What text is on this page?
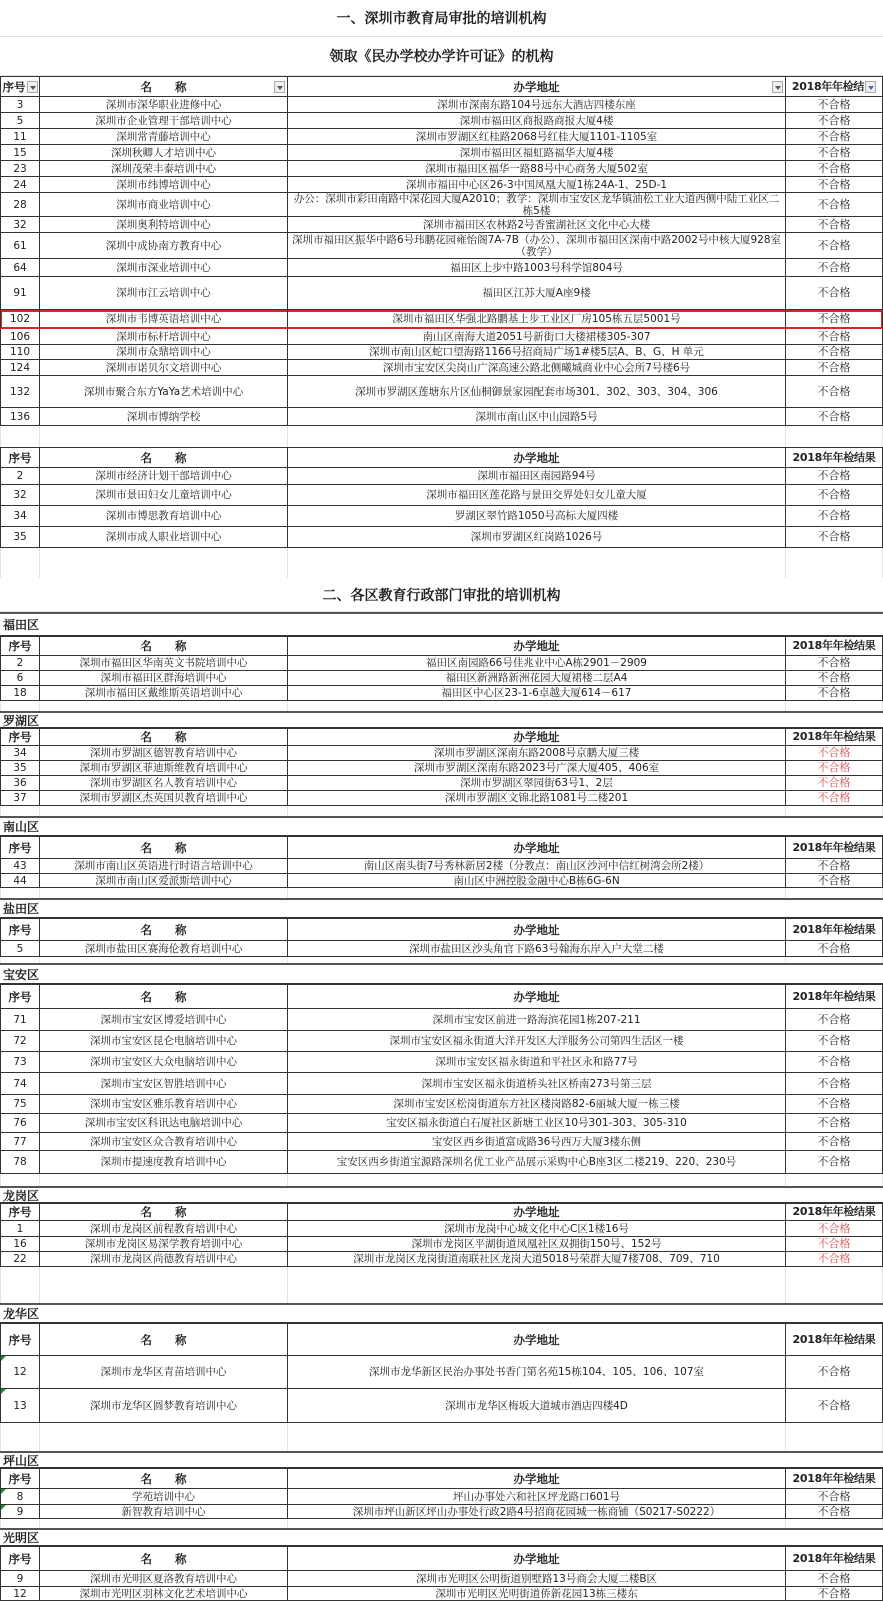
一、深圳市教育局审批的培训机构
领取《民办学校办学许可证》的机构
序号	名　　称	办学地址	2018年年检结
3	深圳市深华职业进修中心	深圳市深南东路104号远东大酒店四楼东座	不合格
5	深圳市企业管理干部培训中心	深圳市福田区商报路商报大厦4楼	不合格
11	深圳常青藤培训中心	深圳市罗湖区红桂路2068号红桂大厦1101-1105室	不合格
15	深圳秋卿人才培训中心	深圳市福田区福虹路福华大厦4楼	不合格
23	深圳茂荣丰泰培训中心	深圳市福田区福华一路88号中心商务大厦502室	不合格
24	深圳市纬博培训中心	深圳市福田中心区26-3中国凤凰大厦1栋24A-1、25D-1	不合格
28	深圳市商业培训中心	办公：深圳市彩田南路中深花园大厦A2010；教学：深圳市宝安区龙华镇油松工业大道西侧中陆工业区二栋5楼	不合格
32	深圳奥利特培训中心	深圳市福田区农林路2号香蜜湖社区文化中心大楼	不合格
61	深圳中成协南方教育中心	深圳市福田区振华中路6号玮鹏花园雍怡阁7A-7B（办公）、深圳市福田区深南中路2002号中核大厦928室（教学）	不合格
64	深圳市深业培训中心	福田区上步中路1003号科学馆804号	不合格
91	深圳市江云培训中心	福田区江苏大厦A座9楼	不合格
102	深圳市韦博英语培训中心	深圳市福田区华强北路鹏基上步工业区厂房105栋五层5001号	不合格
106	深圳市标杆培训中心	南山区南海大道2051号新街口大楼裙楼305-307	不合格
110	深圳市众鼎培训中心	深圳市南山区蛇口望海路1166号招商局广场1#楼5层A、B、G、H 单元	不合格
124	深圳市诺贝尔文培训中心	深圳市宝安区尖岗山广深高速公路北侧曦城商业中心会所7号楼6号	不合格
132	深圳市聚合东方YaYa艺术培训中心	深圳市罗湖区莲塘东片区仙桐御景家园配套市场301、302、303、304、306	不合格
136	深圳市博纳学校	深圳市南山区中山园路5号	不合格
序号	名　　称	办学地址	2018年年检结果
2	深圳市经济计划干部培训中心	深圳市福田区南园路94号	不合格
32	深圳市景田妇女儿童培训中心	深圳市福田区莲花路与景田交界处妇女儿童大厦	不合格
34	深圳市博思教育培训中心	罗湖区翠竹路1050号高标大厦四楼	不合格
35	深圳市成人职业培训中心	深圳市罗湖区红岗路1026号	不合格
二、各区教育行政部门审批的培训机构
福田区
序号	名　　称	办学地址	2018年年检结果
2	深圳市福田区华南英文书院培训中心	福田区南园路66号佳兆业中心A栋2901－2909	不合格
6	深圳市福田区群海培训中心	福田区新洲路新洲花园大厦裙楼二层A4	不合格
18	深圳市福田区戴维斯英语培训中心	福田区中心区23-1-6卓越大厦614－617	不合格
罗湖区
序号	名　　称	办学地址	2018年年检结果
34	深圳市罗湖区德智教育培训中心	深圳市罗湖区深南东路2008号京鹏大厦三楼	不合格
35	深圳市罗湖区菲迪斯维教育培训中心	深圳市罗湖区深南东路2023号广深大厦405、406室	不合格
36	深圳市罗湖区名人教育培训中心	深圳市罗湖区翠园街63号1、2层	不合格
37	深圳市罗湖区杰英国贝教育培训中心	深圳市罗湖区文锦北路1081号二楼201	不合格
南山区
序号	名　　称	办学地址	2018年年检结果
43	深圳市南山区英语进行时语言培训中心	南山区南头街7号秀林新居2楼（分教点：南山区沙河中信红树湾会所2楼）	不合格
44	深圳市南山区爱派斯培训中心	南山区中洲控股金融中心B栋6G-6N	不合格
盐田区
序号	名　　称	办学地址	2018年年检结果
5	深圳市盐田区赛海伦教育培训中心	深圳市盐田区沙头角官下路63号翰海东岸入户大堂二楼	不合格
宝安区
序号	名　　称	办学地址	2018年年检结果
71	深圳市宝安区博爱培训中心	深圳市宝安区前进一路海滨花园1栋207-211	不合格
72	深圳市宝安区昆仑电脑培训中心	深圳市宝安区福永街道大洋开发区大洋服务公司第四生活区一楼	不合格
73	深圳市宝安区大众电脑培训中心	深圳市宝安区福永街道和平社区永和路77号	不合格
74	深圳市宝安区智胜培训中心	深圳市宝安区福永街道桥头社区桥南273号第三层	不合格
75	深圳市宝安区雅乐教育培训中心	深圳市宝安区松岗街道东方社区楼岗路82-6丽城大厦一栋三楼	不合格
76	深圳市宝安区科讯达电脑培训中心	宝安区福永街道白石厦社区新塘工业区10号301-303、305-310	不合格
77	深圳市宝安区众合教育培训中心	宝安区西乡街道富成路36号西万大厦3楼东侧	不合格
78	深圳市提速度教育培训中心	宝安区西乡街道宝源路深圳名优工业产品展示采购中心B座3区二楼219、220、230号	不合格
龙岗区
序号	名　　称	办学地址	2018年年检结果
1	深圳市龙岗区前程教育培训中心	深圳市龙岗中心城文化中心C区1楼16号	不合格
16	深圳市龙岗区易深学教育培训中心	深圳市龙岗区平湖街道凤凰社区双拥街150号、152号	不合格
22	深圳市龙岗区尚德教育培训中心	深圳市龙岗区龙岗街道南联社区龙岗大道5018号荣群大厦7楼708、709、710	不合格
龙华区
序号	名　　称	办学地址	2018年年检结果
12	深圳市龙华区青苗培训中心	深圳市龙华新区民治办事处书香门第名苑15栋104、105、106、107室	不合格
13	深圳市龙华区圆梦教育培训中心	深圳市龙华区梅坂大道城市酒店四楼4D	不合格
坪山区
序号	名　　称	办学地址	2018年年检结果
8	学苑培训中心	坪山办事处六和社区坪龙路口601号	不合格
9	新智教育培训中心	深圳市坪山新区坪山办事处行政2路4号招商花园城一栋商铺（S0217-S0222）	不合格
光明区
序号	名　　称	办学地址	2018年年检结果
9	深圳市光明区夏洛教育培训中心	深圳市光明区公明街道别墅路13号商会大厦二楼B区	不合格
12	深圳市光明区羽林文化艺术培训中心	深圳市光明区光明街道侨新花园13栋三楼东	不合格
